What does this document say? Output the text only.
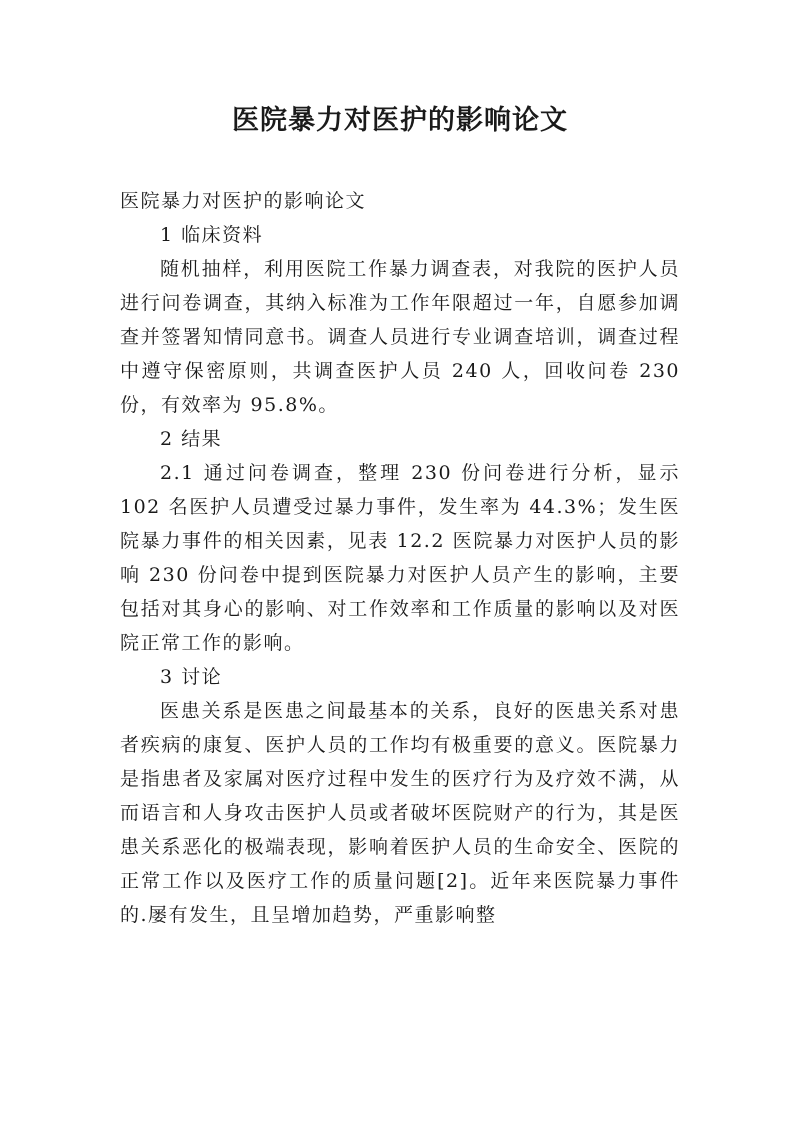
医院暴力对医护的影响论文

医院暴力对医护的影响论文

1 临床资料

随机抽样，利用医院工作暴力调查表，对我院的医护人员进行问卷调查，其纳入标准为工作年限超过一年，自愿参加调查并签署知情同意书。调查人员进行专业调查培训，调查过程中遵守保密原则，共调查医护人员 240 人，回收问卷 230 份，有效率为 95.8%。

2 结果

2.1 通过问卷调查，整理 230 份问卷进行分析，显示 102 名医护人员遭受过暴力事件，发生率为 44.3%；发生医院暴力事件的相关因素，见表 12.2 医院暴力对医护人员的影响 230 份问卷中提到医院暴力对医护人员产生的影响，主要包括对其身心的影响、对工作效率和工作质量的影响以及对医院正常工作的影响。

3 讨论

医患关系是医患之间最基本的关系，良好的医患关系对患者疾病的康复、医护人员的工作均有极重要的意义。医院暴力是指患者及家属对医疗过程中发生的医疗行为及疗效不满，从而语言和人身攻击医护人员或者破坏医院财产的行为，其是医患关系恶化的极端表现，影响着医护人员的生命安全、医院的正常工作以及医疗工作的质量问题[2]。近年来医院暴力事件的.屡有发生，且呈增加趋势，严重影响整
